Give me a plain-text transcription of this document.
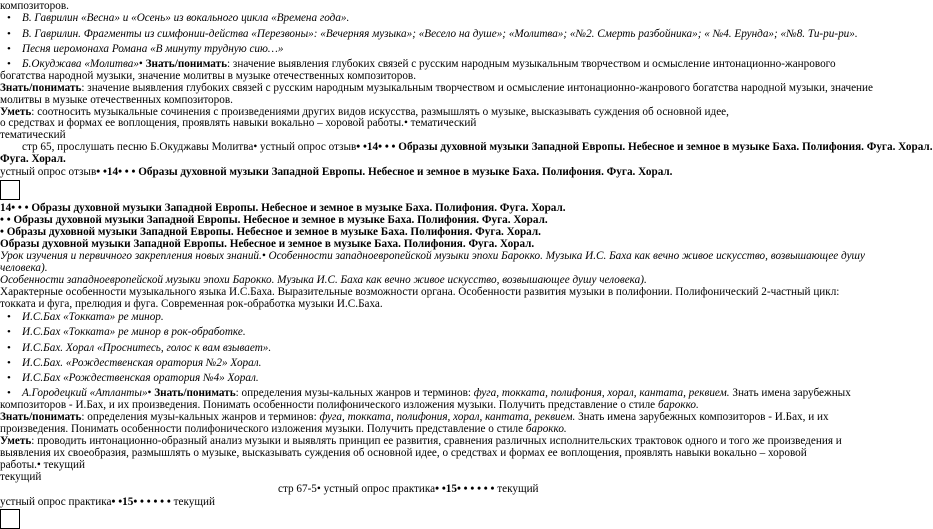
композиторов.
• В. Гаврилин «Весна» и «Осень» из вокального цикла «Времена года».
• В. Гаврилин. Фрагменты из симфонии-действа «Перезвоны»: «Вечерняя музыка»; «Весело на душе»; «Молитва»; «№2. Смерть разбойника»; « №4. Ерунда»; «№8. Ти-ри-ри».
• Песня иеромонаха Романа «В минуту трудную сию…»
• Б.Окуджава «Молитва»• Знать/понимать: значение выявления глубоких связей с русским народным музыкальным творчеством и осмысление интонационно-жанрового
богатства народной музыки, значение молитвы в музыке отечественных композиторов.
Знать/понимать: значение выявления глубоких связей с русским народным музыкальным творчеством и осмысление интонационно-жанрового богатства народной музыки, значение
молитвы в музыке отечественных композиторов.
Уметь: соотносить музыкальные сочинения с произведениями других видов искусства, размышлять о музыке, высказывать суждения об основной идее,
о средствах и формах ее воплощения, проявлять навыки вокально – хоровой работы.• тематический
тематический
стр 65, прослушать песню Б.Окуджавы Молитва• устный опрос отзыв• •14• • • Образы духовной музыки Западной Европы. Небесное и земное в музыке Баха. Полифония. Фуга. Хорал.
Фуга. Хорал.
устный опрос отзыв• •14• • • Образы духовной музыки Западной Европы. Небесное и земное в музыке Баха. Полифония. Фуга. Хорал.
14• • • Образы духовной музыки Западной Европы. Небесное и земное в музыке Баха. Полифония. Фуга. Хорал.
• • Образы духовной музыки Западной Европы. Небесное и земное в музыке Баха. Полифония. Фуга. Хорал.
• Образы духовной музыки Западной Европы. Небесное и земное в музыке Баха. Полифония. Фуга. Хорал.
Образы духовной музыки Западной Европы. Небесное и земное в музыке Баха. Полифония. Фуга. Хорал.
Урок изучения и первичного закрепления новых знаний.• Особенности западноевропейской музыки эпохи Барокко. Музыка И.С. Баха как вечно живое искусство, возвышающее душу
человека).
Особенности западноевропейской музыки эпохи Барокко. Музыка И.С. Баха как вечно живое искусство, возвышающее душу человека).
Характерные особенности музыкального языка И.С.Баха. Выразительные возможности органа. Особенности развития музыки в полифонии. Полифонический 2-частный цикл:
токката и фуга, прелюдия и фуга. Современная рок-обработка музыки И.С.Баха.
• И.С.Бах «Токката» ре минор.
• И.С.Бах «Токката» ре минор в рок-обработке.
• И.С.Бах. Хорал «Проснитесь, голос к вам взывает».
• И.С.Бах. «Рождественская оратория №2» Хорал.
• И.С.Бах «Рождественская оратория №4» Хорал.
• А.Городецкий «Атланты»• Знать/понимать: определения музы-кальных жанров и терминов: фуга, токката, полифония, хорал, кантата, реквием. Знать имена зарубежных
композиторов - И.Бах, и их произведения. Понимать особенности полифонического изложения музыки. Получить представление о стиле барокко.
Знать/понимать: определения музы-кальных жанров и терминов: фуга, токката, полифония, хорал, кантата, реквием. Знать имена зарубежных композиторов - И.Бах, и их
произведения. Понимать особенности полифонического изложения музыки. Получить представление о стиле барокко.
Уметь: проводить интонационно-образный анализ музыки и выявлять принцип ее развития, сравнения различных исполнительских трактовок одного и того же произведения и
выявления их своеобразия, размышлять о музыке, высказывать суждения об основной идее, о средствах и формах ее воплощения, проявлять навыки вокально – хоровой
работы.• текущий
текущий
стр 67-5• устный опрос практика• •15• • • • • • текущий
устный опрос практика• •15• • • • • • текущий
